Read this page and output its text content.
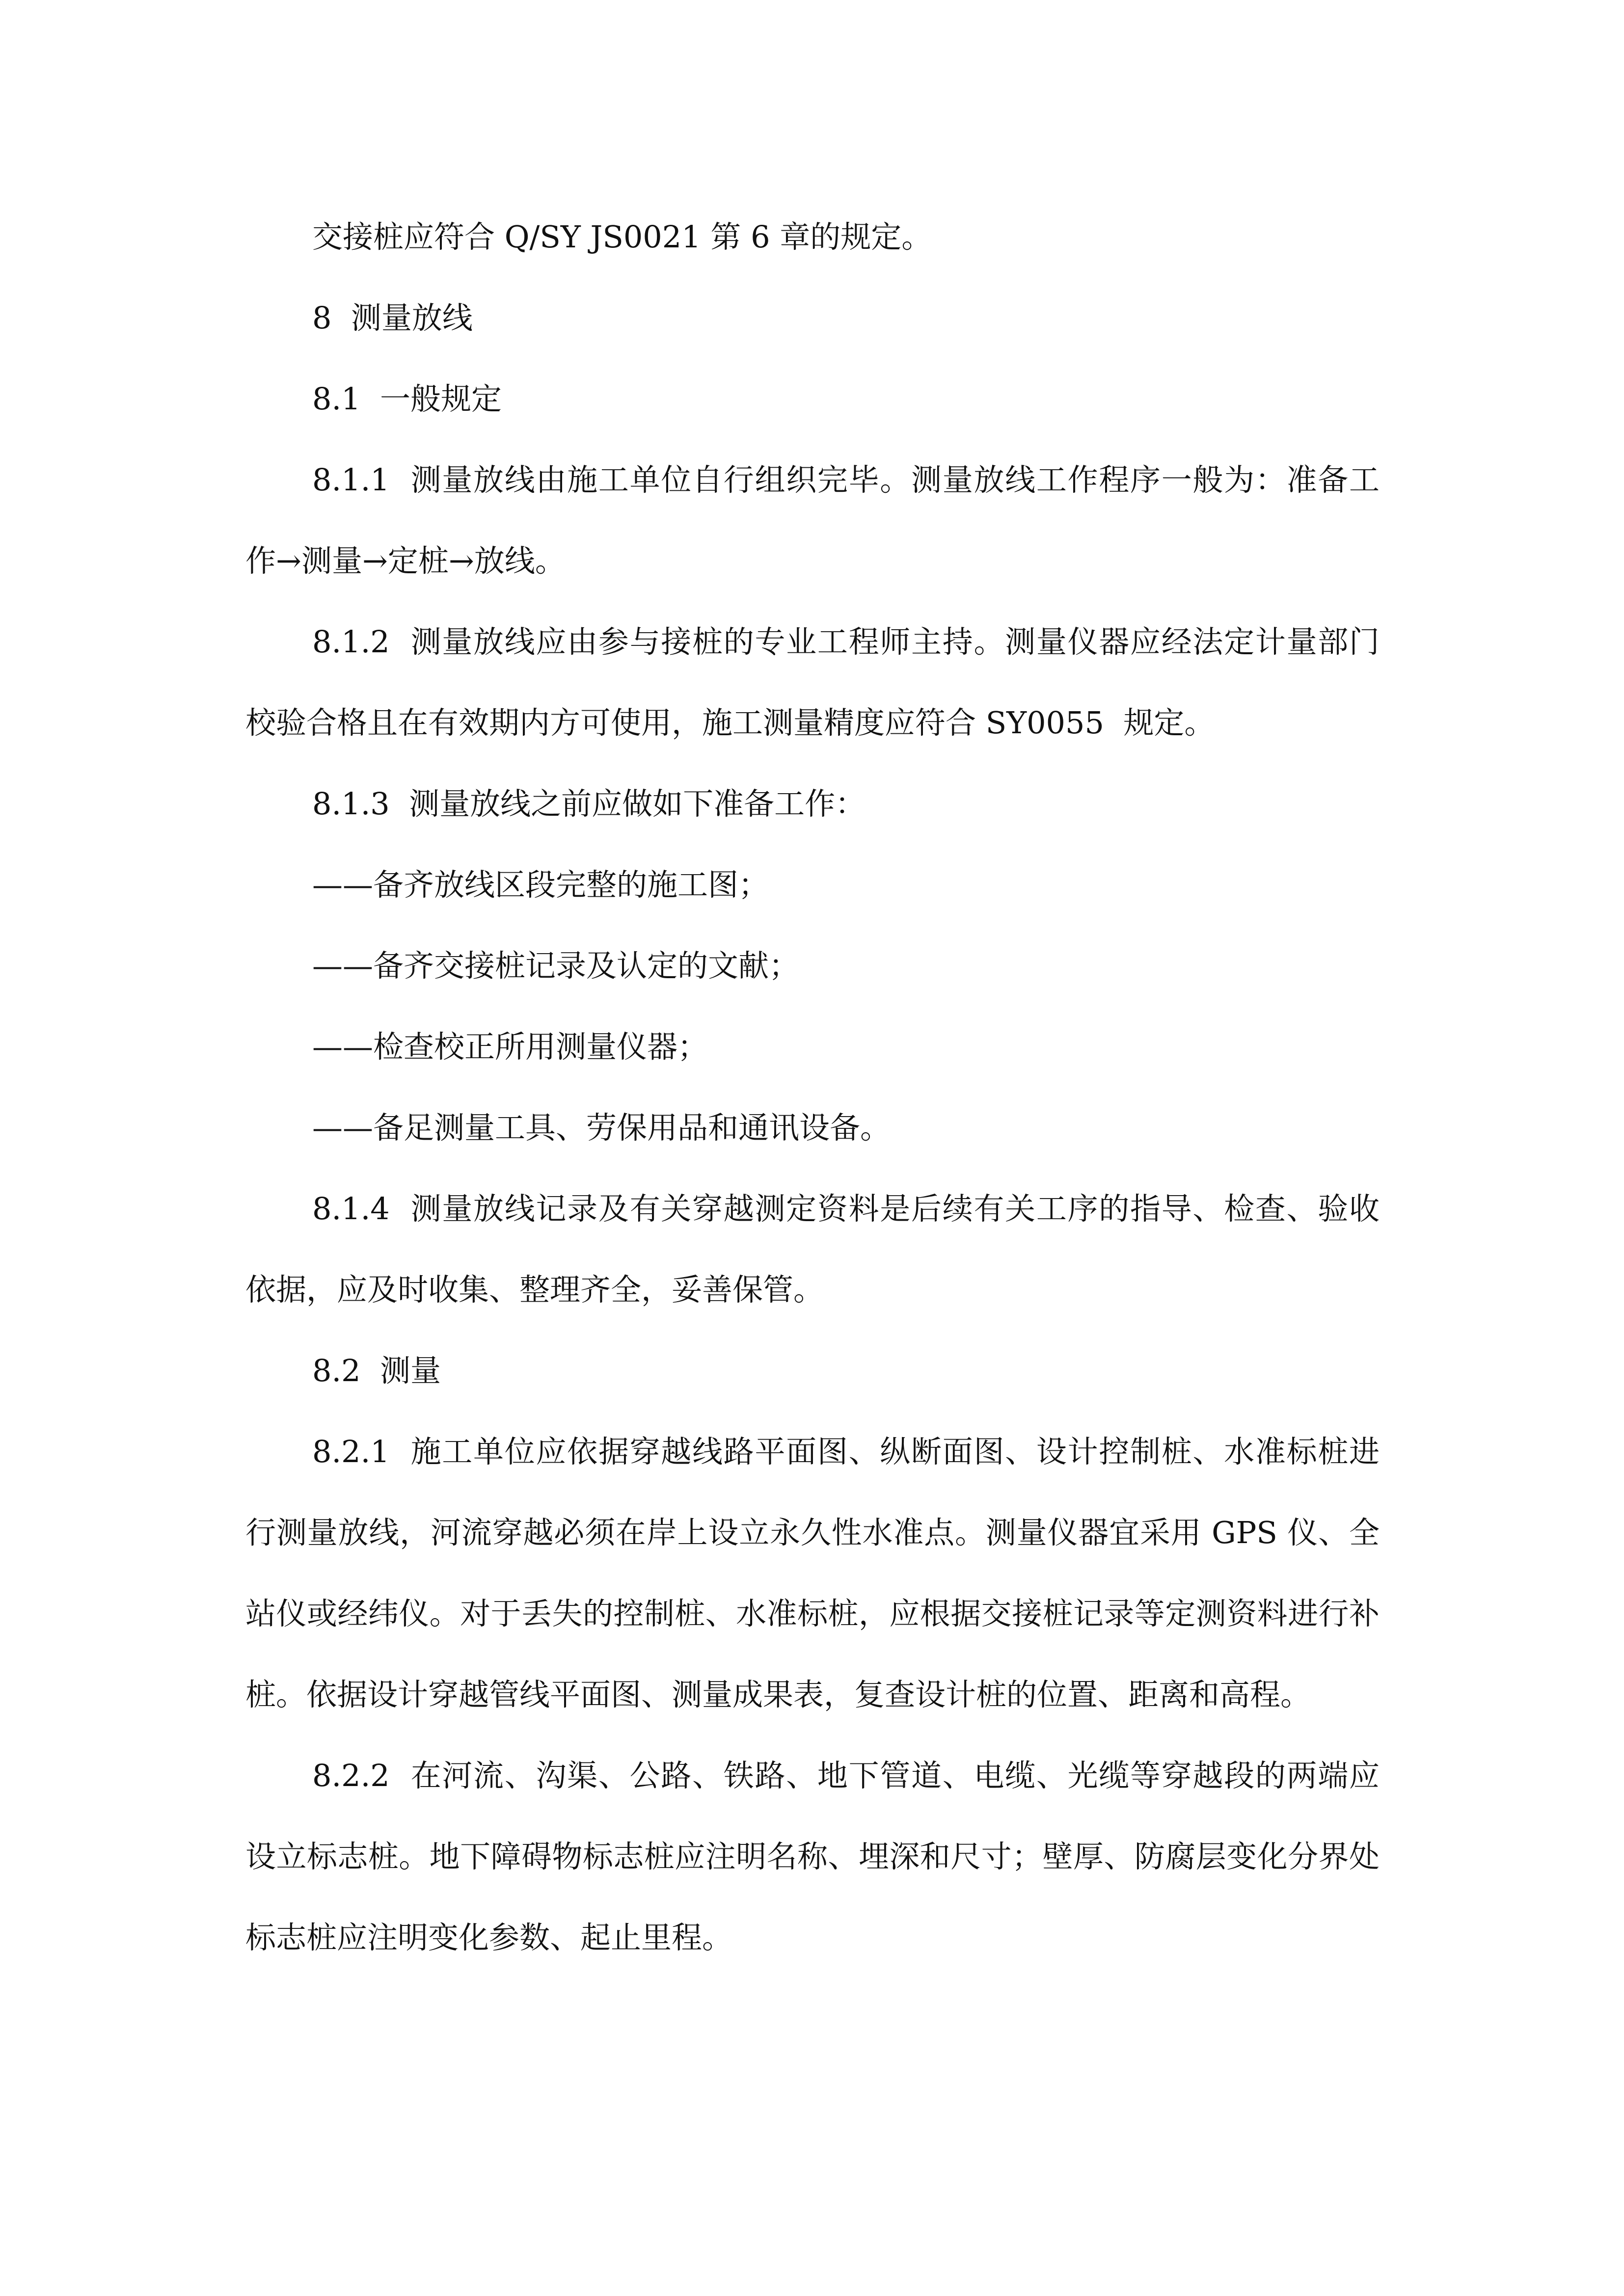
交接桩应符合 Q/SY JS0021 第 6 章的规定。

8  测量放线

8.1  一般规定

8.1.1  测量放线由施工单位自行组织完毕。测量放线工作程序一般为：准备工作→测量→定桩→放线。

8.1.2  测量放线应由参与接桩的专业工程师主持。测量仪器应经法定计量部门校验合格且在有效期内方可使用，施工测量精度应符合 SY0055  规定。

8.1.3  测量放线之前应做如下准备工作：

——备齐放线区段完整的施工图；

——备齐交接桩记录及认定的文献；

——检查校正所用测量仪器；

——备足测量工具、劳保用品和通讯设备。

8.1.4  测量放线记录及有关穿越测定资料是后续有关工序的指导、检查、验收依据，应及时收集、整理齐全，妥善保管。

8.2  测量

8.2.1  施工单位应依据穿越线路平面图、纵断面图、设计控制桩、水准标桩进行测量放线，河流穿越必须在岸上设立永久性水准点。测量仪器宜采用 GPS 仪、全站仪或经纬仪。对于丢失的控制桩、水准标桩，应根据交接桩记录等定测资料进行补桩。依据设计穿越管线平面图、测量成果表，复查设计桩的位置、距离和高程。

8.2.2  在河流、沟渠、公路、铁路、地下管道、电缆、光缆等穿越段的两端应设立标志桩。地下障碍物标志桩应注明名称、埋深和尺寸；壁厚、防腐层变化分界处标志桩应注明变化参数、起止里程。
